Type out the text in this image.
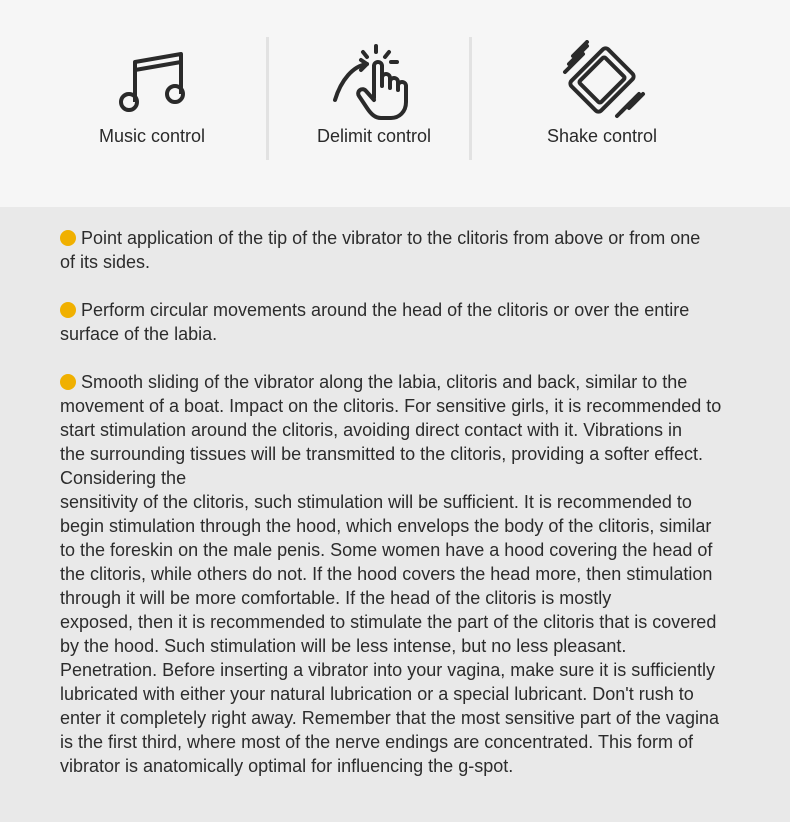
Music control	Delimit control	Shake control

Point application of the tip of the vibrator to the clitoris from above or from one
of its sides.

Perform circular movements around the head of the clitoris or over the entire
surface of the labia.

Smooth sliding of the vibrator along the labia, clitoris and back, similar to the
movement of a boat. Impact on the clitoris. For sensitive girls, it is recommended to
start stimulation around the clitoris, avoiding direct contact with it. Vibrations in
the surrounding tissues will be transmitted to the clitoris, providing a softer effect.
Considering the
sensitivity of the clitoris, such stimulation will be sufficient. It is recommended to
begin stimulation through the hood, which envelops the body of the clitoris, similar
to the foreskin on the male penis. Some women have a hood covering the head of
the clitoris, while others do not. If the hood covers the head more, then stimulation
through it will be more comfortable. If the head of the clitoris is mostly
exposed, then it is recommended to stimulate the part of the clitoris that is covered
by the hood. Such stimulation will be less intense, but no less pleasant.
Penetration. Before inserting a vibrator into your vagina, make sure it is sufficiently
lubricated with either your natural lubrication or a special lubricant. Don't rush to
enter it completely right away. Remember that the most sensitive part of the vagina
is the first third, where most of the nerve endings are concentrated. This form of
vibrator is anatomically optimal for influencing the g-spot.
